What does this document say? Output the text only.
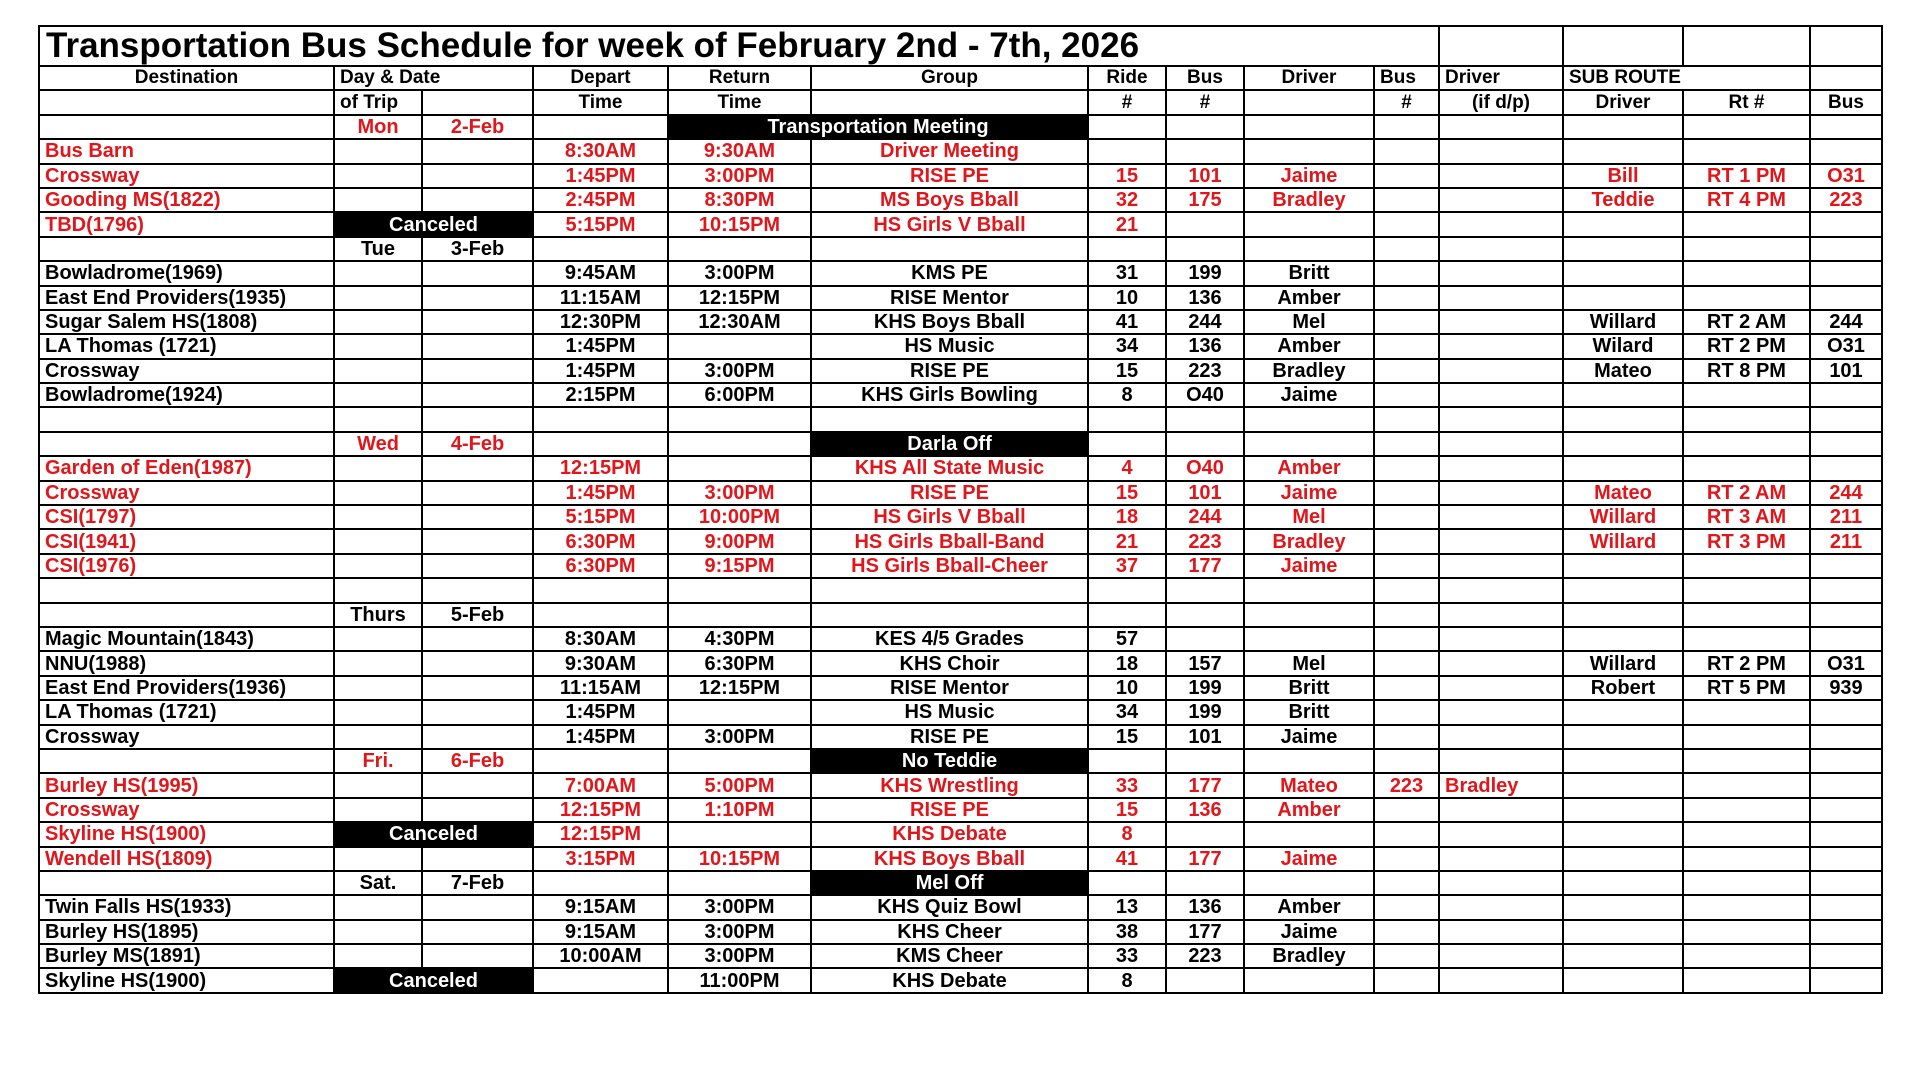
Transportation Bus Schedule for week of February 2nd - 7th, 2026													
Destination	Day & Date		Depart	Return	Group	Ride	Bus	Driver	Bus	Driver	SUB ROUTE		
	of Trip		Time	Time		#	#		#	(if d/p)	Driver	Rt #	Bus
	Mon	2-Feb		Transportation Meeting									
Bus Barn			8:30AM	9:30AM	Driver Meeting								
Crossway			1:45PM	3:00PM	RISE PE	15	101	Jaime			Bill	RT 1 PM	O31
Gooding MS(1822)			2:45PM	8:30PM	MS Boys Bball	32	175	Bradley			Teddie	RT 4 PM	223
TBD(1796)	Canceled		5:15PM	10:15PM	HS Girls V Bball	21							
	Tue	3-Feb											
Bowladrome(1969)			9:45AM	3:00PM	KMS PE	31	199	Britt					
East End Providers(1935)			11:15AM	12:15PM	RISE Mentor	10	136	Amber					
Sugar Salem HS(1808)			12:30PM	12:30AM	KHS Boys Bball	41	244	Mel			Willard	RT 2 AM	244
LA Thomas (1721)			1:45PM		HS Music	34	136	Amber			Wilard	RT 2 PM	O31
Crossway			1:45PM	3:00PM	RISE PE	15	223	Bradley			Mateo	RT 8 PM	101
Bowladrome(1924)			2:15PM	6:00PM	KHS Girls Bowling	8	O40	Jaime					

	Wed	4-Feb			Darla Off								
Garden of Eden(1987)			12:15PM		KHS All State Music	4	O40	Amber					
Crossway			1:45PM	3:00PM	RISE PE	15	101	Jaime			Mateo	RT 2 AM	244
CSI(1797)			5:15PM	10:00PM	HS Girls V Bball	18	244	Mel			Willard	RT 3 AM	211
CSI(1941)			6:30PM	9:00PM	HS Girls Bball-Band	21	223	Bradley			Willard	RT 3 PM	211
CSI(1976)			6:30PM	9:15PM	HS Girls Bball-Cheer	37	177	Jaime					

	Thurs	5-Feb											
Magic Mountain(1843)			8:30AM	4:30PM	KES 4/5 Grades	57							
NNU(1988)			9:30AM	6:30PM	KHS Choir	18	157	Mel			Willard	RT 2 PM	O31
East End Providers(1936)			11:15AM	12:15PM	RISE Mentor	10	199	Britt			Robert	RT 5 PM	939
LA Thomas (1721)			1:45PM		HS Music	34	199	Britt					
Crossway			1:45PM	3:00PM	RISE PE	15	101	Jaime					
	Fri.	6-Feb			No Teddie								
Burley HS(1995)			7:00AM	5:00PM	KHS Wrestling	33	177	Mateo	223	Bradley			
Crossway			12:15PM	1:10PM	RISE PE	15	136	Amber					
Skyline HS(1900)	Canceled		12:15PM		KHS Debate	8							
Wendell HS(1809)			3:15PM	10:15PM	KHS Boys Bball	41	177	Jaime					
	Sat.	7-Feb			Mel Off								
Twin Falls HS(1933)			9:15AM	3:00PM	KHS Quiz Bowl	13	136	Amber					
Burley HS(1895)			9:15AM	3:00PM	KHS Cheer	38	177	Jaime					
Burley MS(1891)			10:00AM	3:00PM	KMS Cheer	33	223	Bradley					
Skyline HS(1900)	Canceled			11:00PM	KHS Debate	8							
